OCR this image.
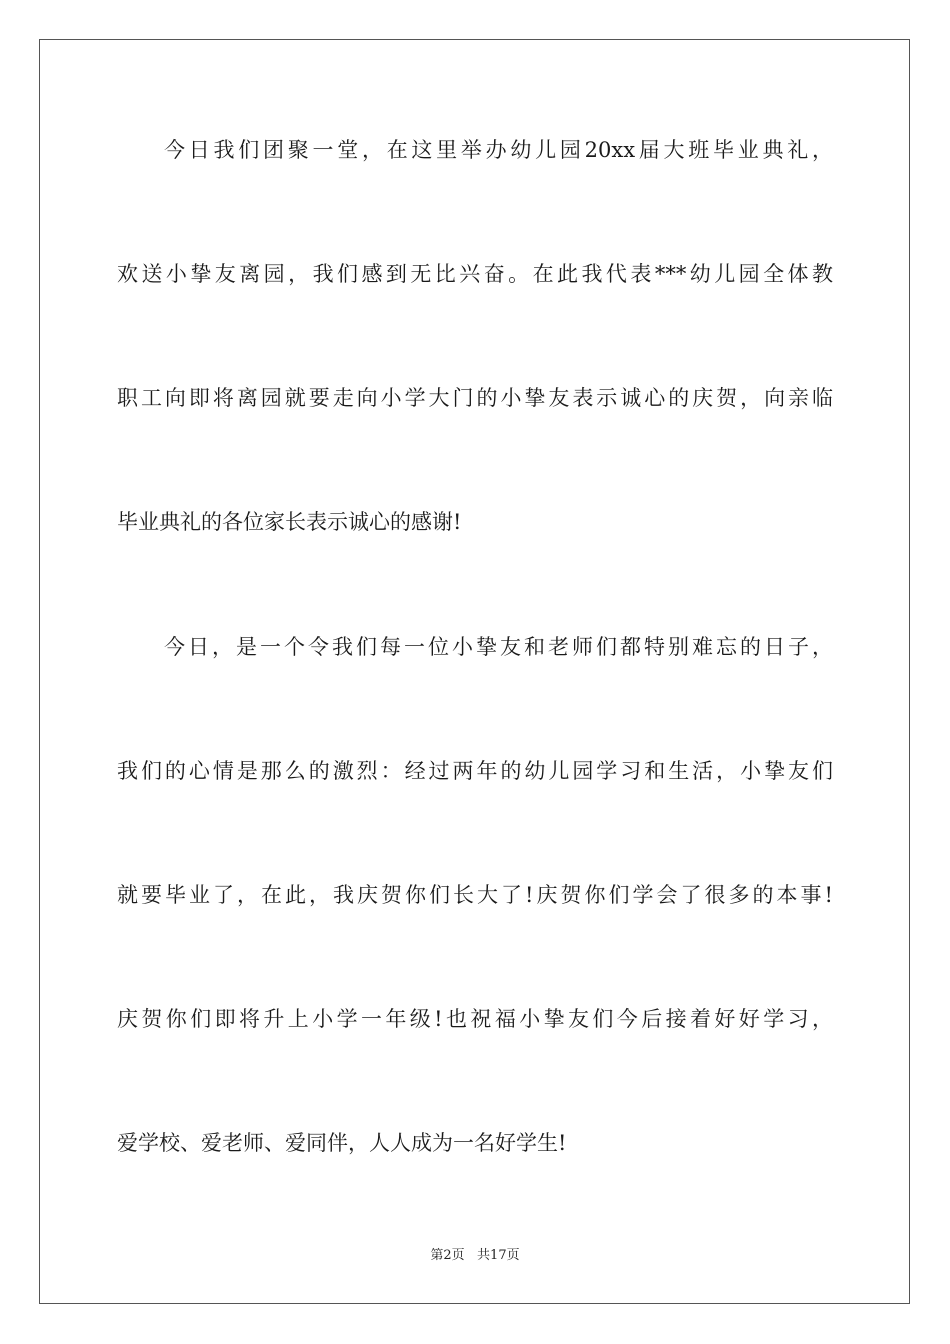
今日我们团聚一堂，在这里举办幼儿园20xx届大班毕业典礼，
欢送小挚友离园，我们感到无比兴奋。在此我代表***幼儿园全体教
职工向即将离园就要走向小学大门的小挚友表示诚心的庆贺，向亲临
毕业典礼的各位家长表示诚心的感谢!
今日，是一个令我们每一位小挚友和老师们都特别难忘的日子，
我们的心情是那么的激烈：经过两年的幼儿园学习和生活，小挚友们
就要毕业了，在此，我庆贺你们长大了!庆贺你们学会了很多的本事!
庆贺你们即将升上小学一年级!也祝福小挚友们今后接着好好学习，
爱学校、爱老师、爱同伴，人人成为一名好学生!
第2页   共17页
